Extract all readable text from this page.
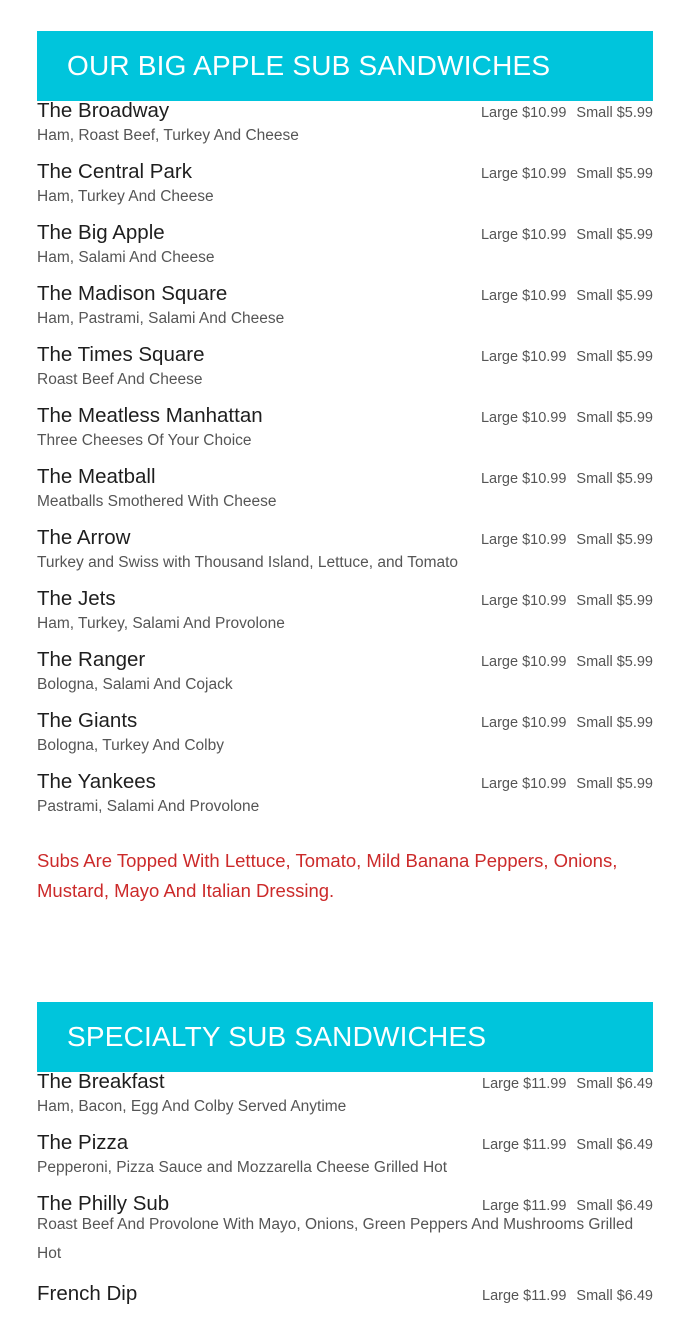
OUR BIG APPLE SUB SANDWICHES
The Broadway	Large $10.99 Small $5.99
Ham, Roast Beef, Turkey And Cheese
The Central Park	Large $10.99 Small $5.99
Ham, Turkey And Cheese
The Big Apple	Large $10.99 Small $5.99
Ham, Salami And Cheese
The Madison Square	Large $10.99 Small $5.99
Ham, Pastrami, Salami And Cheese
The Times Square	Large $10.99 Small $5.99
Roast Beef And Cheese
The Meatless Manhattan	Large $10.99 Small $5.99
Three Cheeses Of Your Choice
The Meatball	Large $10.99 Small $5.99
Meatballs Smothered With Cheese
The Arrow	Large $10.99 Small $5.99
Turkey and Swiss with Thousand Island, Lettuce, and Tomato
The Jets	Large $10.99 Small $5.99
Ham, Turkey, Salami And Provolone
The Ranger	Large $10.99 Small $5.99
Bologna, Salami And Cojack
The Giants	Large $10.99 Small $5.99
Bologna, Turkey And Colby
The Yankees	Large $10.99 Small $5.99
Pastrami, Salami And Provolone
Subs Are Topped With Lettuce, Tomato, Mild Banana Peppers, Onions, Mustard, Mayo And Italian Dressing.
SPECIALTY SUB SANDWICHES
The Breakfast	Large $11.99 Small $6.49
Ham, Bacon, Egg And Colby Served Anytime
The Pizza	Large $11.99 Small $6.49
Pepperoni, Pizza Sauce and Mozzarella Cheese Grilled Hot
The Philly Sub	Large $11.99 Small $6.49
Roast Beef And Provolone With Mayo, Onions, Green Peppers And Mushrooms Grilled Hot
French Dip	Large $11.99 Small $6.49
